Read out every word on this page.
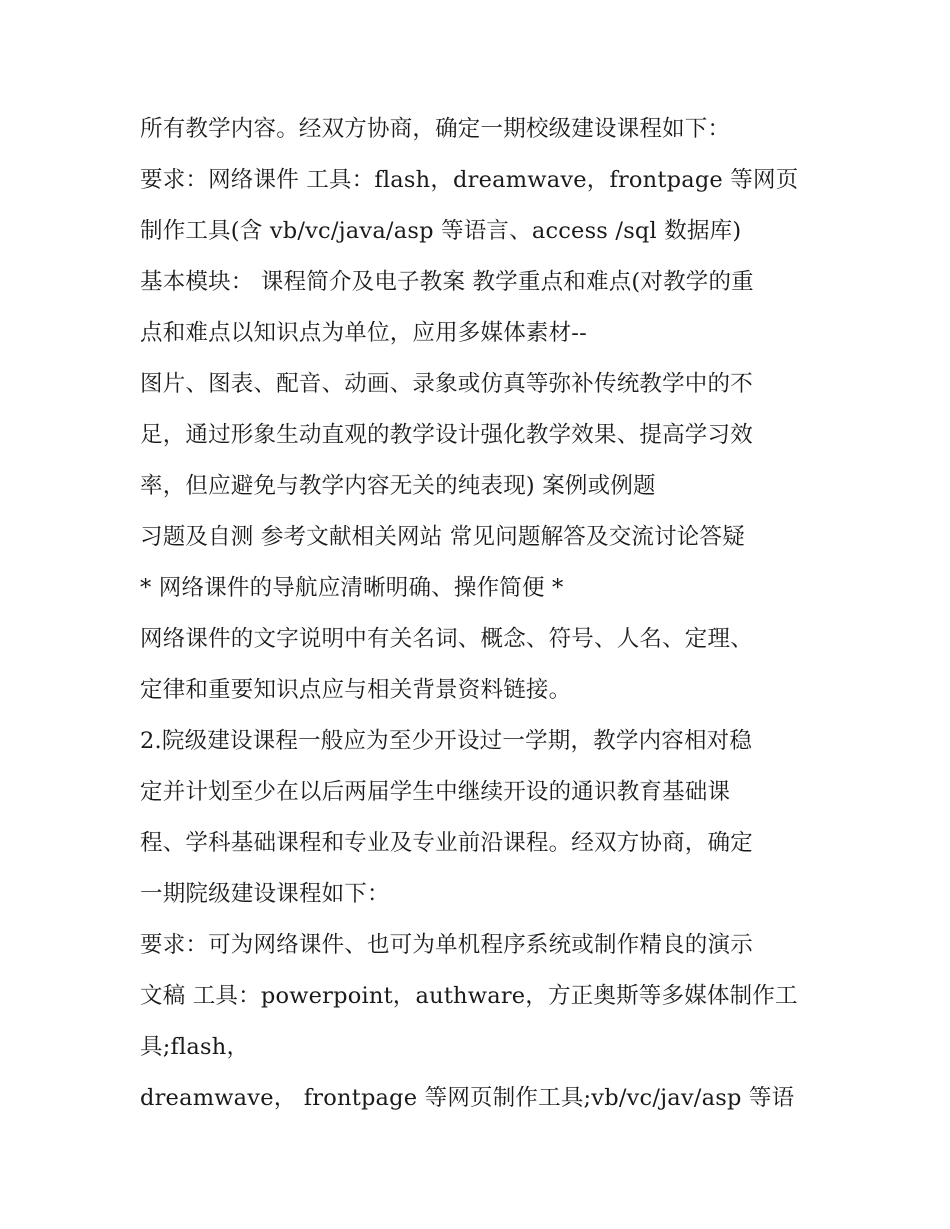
所有教学内容。经双方协商，确定一期校级建设课程如下：
要求：网络课件 工具：flash，dreamwave，frontpage 等网页
制作工具(含 vb/vc/java/asp 等语言、access /sql 数据库)
基本模块： 课程简介及电子教案 教学重点和难点(对教学的重
点和难点以知识点为单位，应用多媒体素材--
图片、图表、配音、动画、录象或仿真等弥补传统教学中的不
足，通过形象生动直观的教学设计强化教学效果、提高学习效
率，但应避免与教学内容无关的纯表现) 案例或例题
习题及自测 参考文献相关网站 常见问题解答及交流讨论答疑
* 网络课件的导航应清晰明确、操作简便 *
网络课件的文字说明中有关名词、概念、符号、人名、定理、
定律和重要知识点应与相关背景资料链接。
2.院级建设课程一般应为至少开设过一学期，教学内容相对稳
定并计划至少在以后两届学生中继续开设的通识教育基础课
程、学科基础课程和专业及专业前沿课程。经双方协商，确定
一期院级建设课程如下：
要求：可为网络课件、也可为单机程序系统或制作精良的演示
文稿 工具：powerpoint，authware，方正奥斯等多媒体制作工
具;flash，
dreamwave， frontpage 等网页制作工具;vb/vc/jav/asp 等语
